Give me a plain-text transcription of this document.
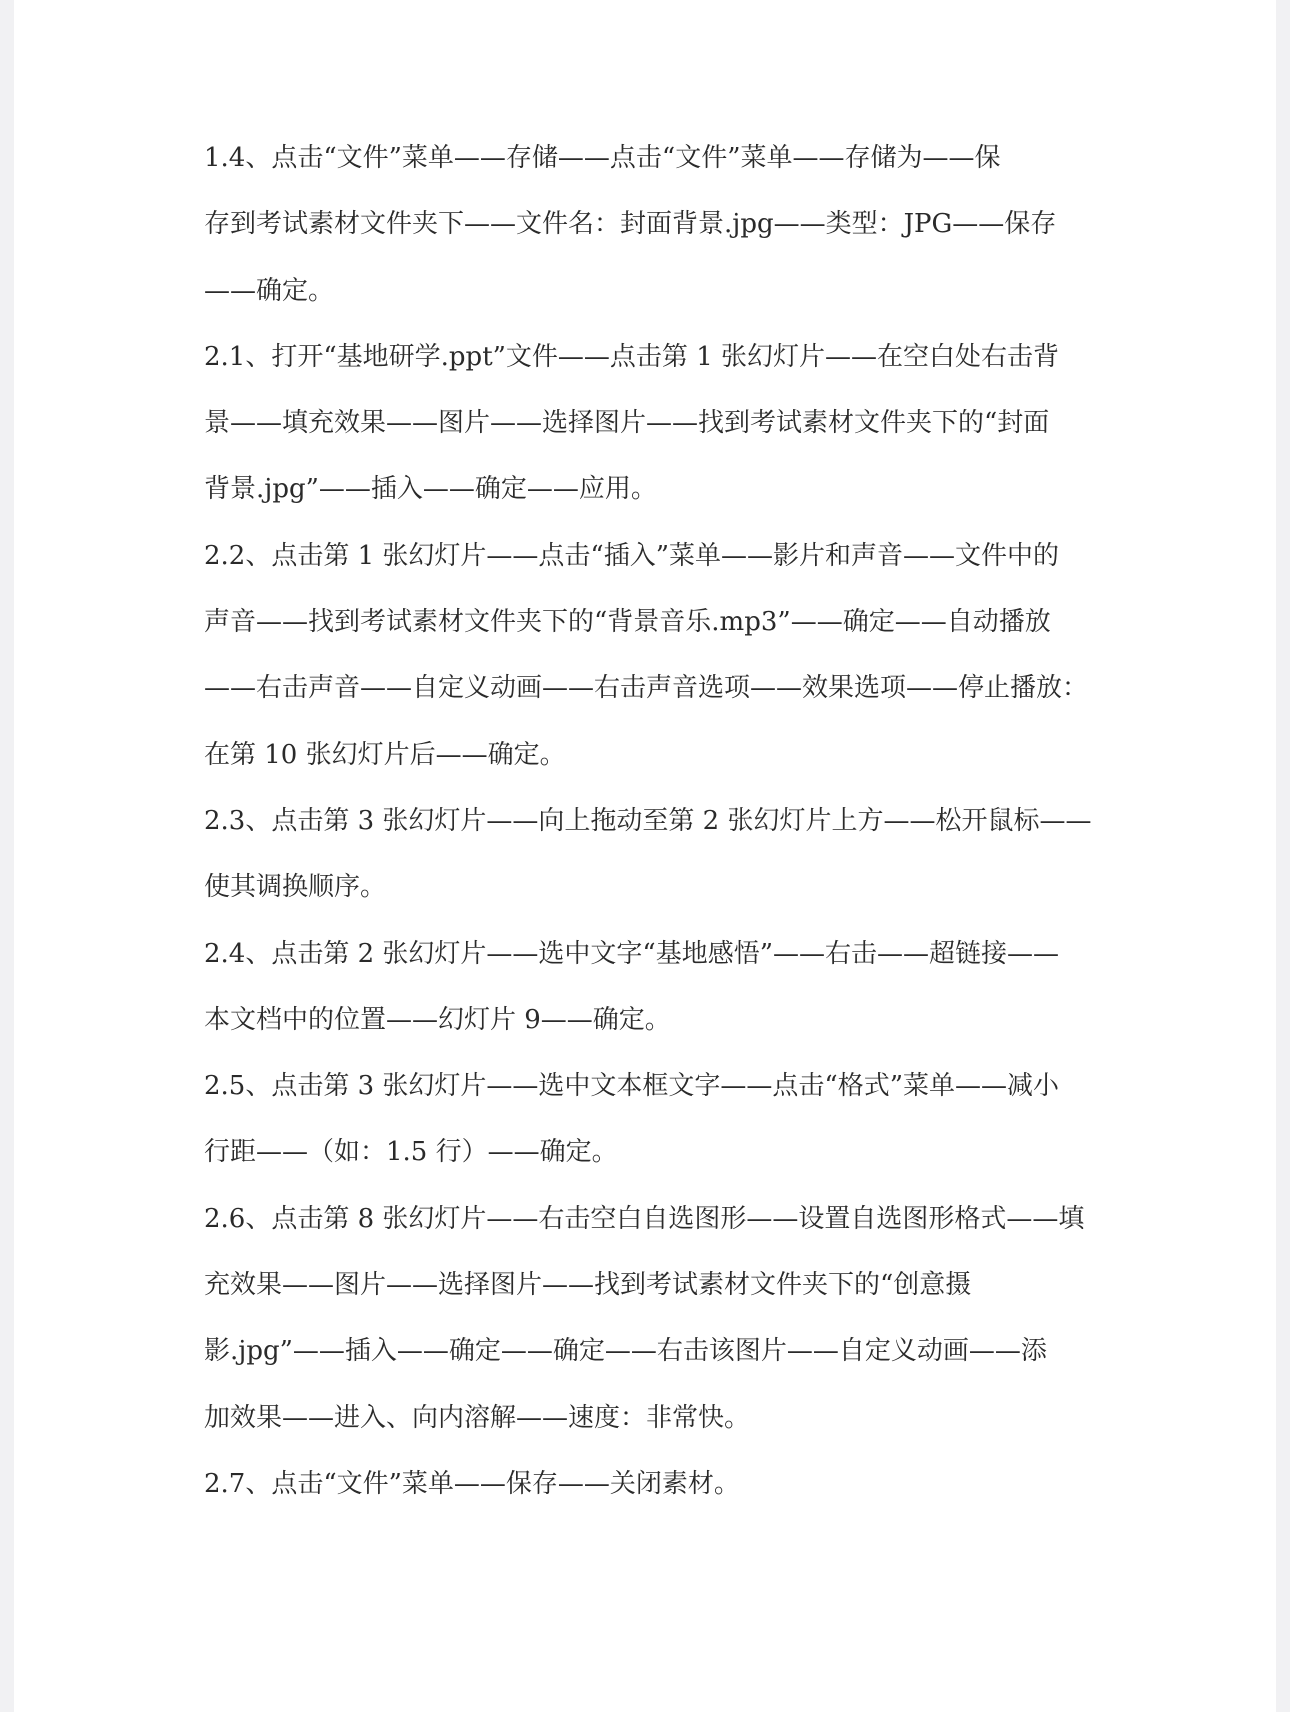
1.4、点击“文件”菜单——存储——点击“文件”菜单——存储为——保
存到考试素材文件夹下——文件名：封面背景.jpg——类型：JPG——保存
——确定。
2.1、打开“基地研学.ppt”文件——点击第 1 张幻灯片——在空白处右击背
景——填充效果——图片——选择图片——找到考试素材文件夹下的“封面
背景.jpg”——插入——确定——应用。
2.2、点击第 1 张幻灯片——点击“插入”菜单——影片和声音——文件中的
声音——找到考试素材文件夹下的“背景音乐.mp3”——确定——自动播放
——右击声音——自定义动画——右击声音选项——效果选项——停止播放：
在第 10 张幻灯片后——确定。
2.3、点击第 3 张幻灯片——向上拖动至第 2 张幻灯片上方——松开鼠标——
使其调换顺序。
2.4、点击第 2 张幻灯片——选中文字“基地感悟”——右击——超链接——
本文档中的位置——幻灯片 9——确定。
2.5、点击第 3 张幻灯片——选中文本框文字——点击“格式”菜单——减小
行距——（如：1.5 行）——确定。
2.6、点击第 8 张幻灯片——右击空白自选图形——设置自选图形格式——填
充效果——图片——选择图片——找到考试素材文件夹下的“创意摄
影.jpg”——插入——确定——确定——右击该图片——自定义动画——添
加效果——进入、向内溶解——速度：非常快。
2.7、点击“文件”菜单——保存——关闭素材。
